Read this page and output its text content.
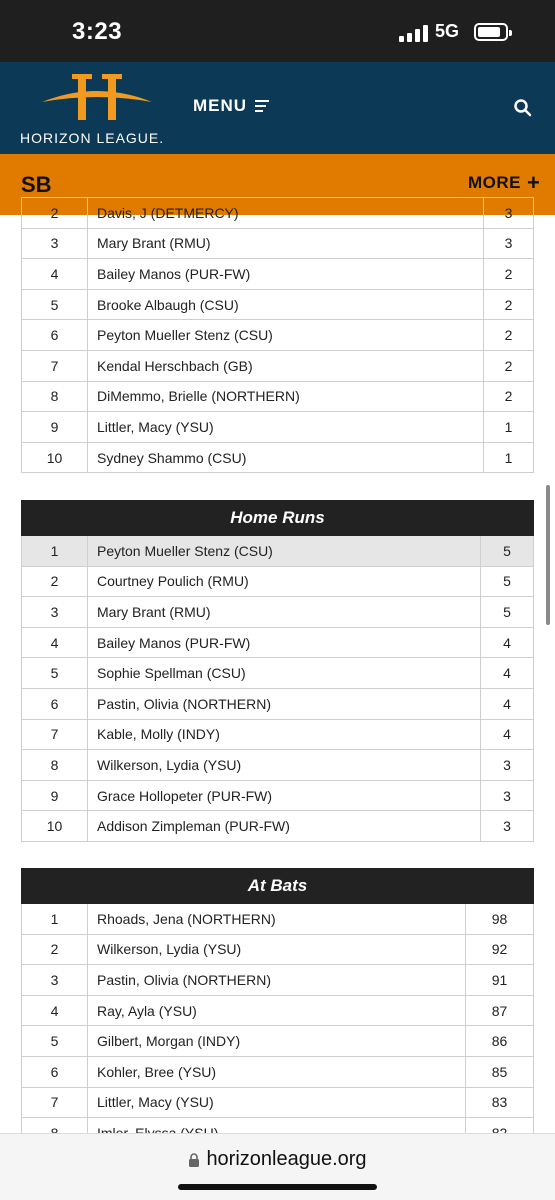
3:23	5G
HORIZON LEAGUE.
MENU
SB	MORE +
2	Davis, J (DETMERCY)	3
3	Mary Brant (RMU)	3
4	Bailey Manos (PUR-FW)	2
5	Brooke Albaugh (CSU)	2
6	Peyton Mueller Stenz (CSU)	2
7	Kendal Herschbach (GB)	2
8	DiMemmo, Brielle (NORTHERN)	2
9	Littler, Macy (YSU)	1
10	Sydney Shammo (CSU)	1
Home Runs		
1	Peyton Mueller Stenz (CSU)	5
2	Courtney Poulich (RMU)	5
3	Mary Brant (RMU)	5
4	Bailey Manos (PUR-FW)	4
5	Sophie Spellman (CSU)	4
6	Pastin, Olivia (NORTHERN)	4
7	Kable, Molly (INDY)	4
8	Wilkerson, Lydia (YSU)	3
9	Grace Hollopeter (PUR-FW)	3
10	Addison Zimpleman (PUR-FW)	3
At Bats		
1	Rhoads, Jena (NORTHERN)	98
2	Wilkerson, Lydia (YSU)	92
3	Pastin, Olivia (NORTHERN)	91
4	Ray, Ayla (YSU)	87
5	Gilbert, Morgan (INDY)	86
6	Kohler, Bree (YSU)	85
7	Littler, Macy (YSU)	83

horizonleague.org
